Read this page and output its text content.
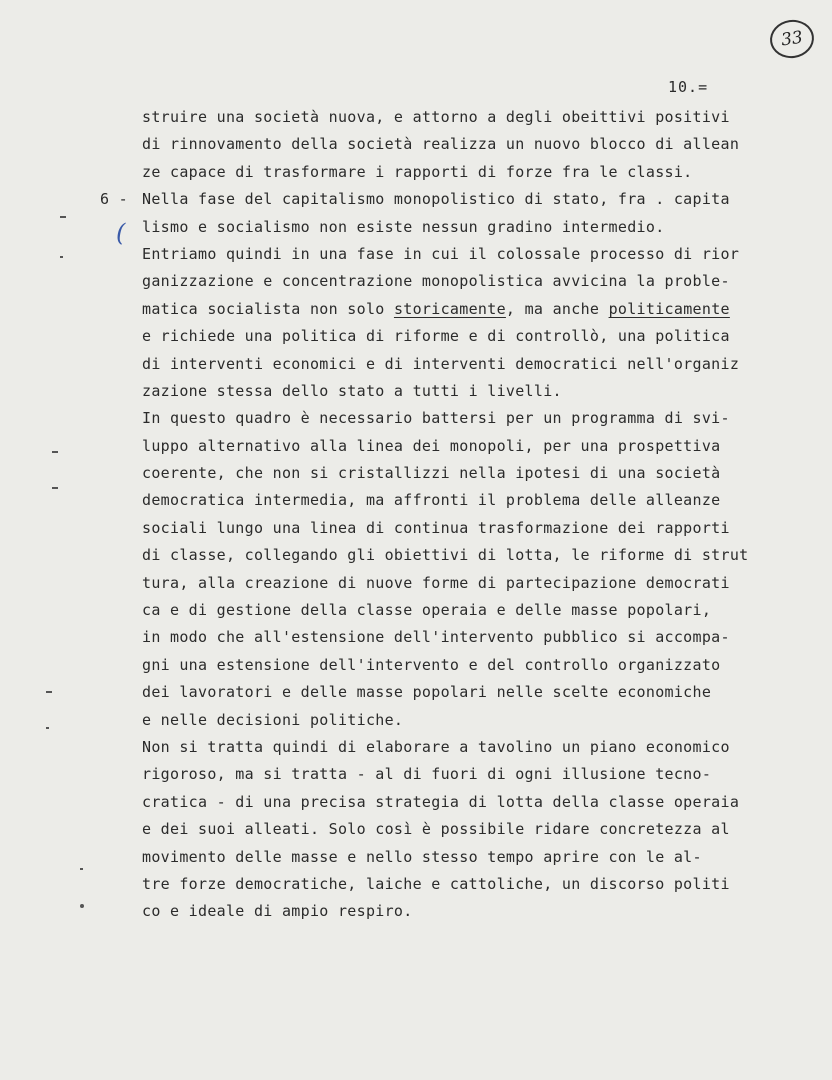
33
10.=
(
struire una società nuova, e attorno a degli obeittivi positivi
di rinnovamento della società realizza un nuovo blocco di allean
ze capace di trasformare i rapporti di forze fra le classi.
6 - Nella fase del capitalismo monopolistico di stato, fra . capita
lismo e socialismo non esiste nessun gradino intermedio.
Entriamo quindi in una fase in cui il colossale processo di rior
ganizzazione e concentrazione monopolistica avvicina la proble-
matica socialista non solo storicamente, ma anche politicamente
e richiede una politica di riforme e di controllò, una politica
di interventi economici e di interventi democratici nell'organiz
zazione stessa dello stato a tutti i livelli.
In questo quadro è necessario battersi per un programma di svi-
luppo alternativo alla linea dei monopoli, per una prospettiva
coerente, che non si cristallizzi nella ipotesi di una società
democratica intermedia, ma affronti il problema delle alleanze
sociali lungo una linea di continua trasformazione dei rapporti
di classe, collegando gli obiettivi di lotta, le riforme di strut
tura, alla creazione di nuove forme di partecipazione democrati
ca e di gestione della classe operaia e delle masse popolari,
in modo che all'estensione dell'intervento pubblico si accompa-
gni una estensione dell'intervento e del controllo organizzato
dei lavoratori e delle masse popolari nelle scelte economiche
e nelle decisioni politiche.
Non si tratta quindi di elaborare a tavolino un piano economico
rigoroso, ma si tratta - al di fuori di ogni illusione tecno-
cratica - di una precisa strategia di lotta della classe operaia
e dei suoi alleati. Solo così è possibile ridare concretezza al
movimento delle masse e nello stesso tempo aprire con le al-
tre forze democratiche, laiche e cattoliche, un discorso politi
co e ideale di ampio respiro.
